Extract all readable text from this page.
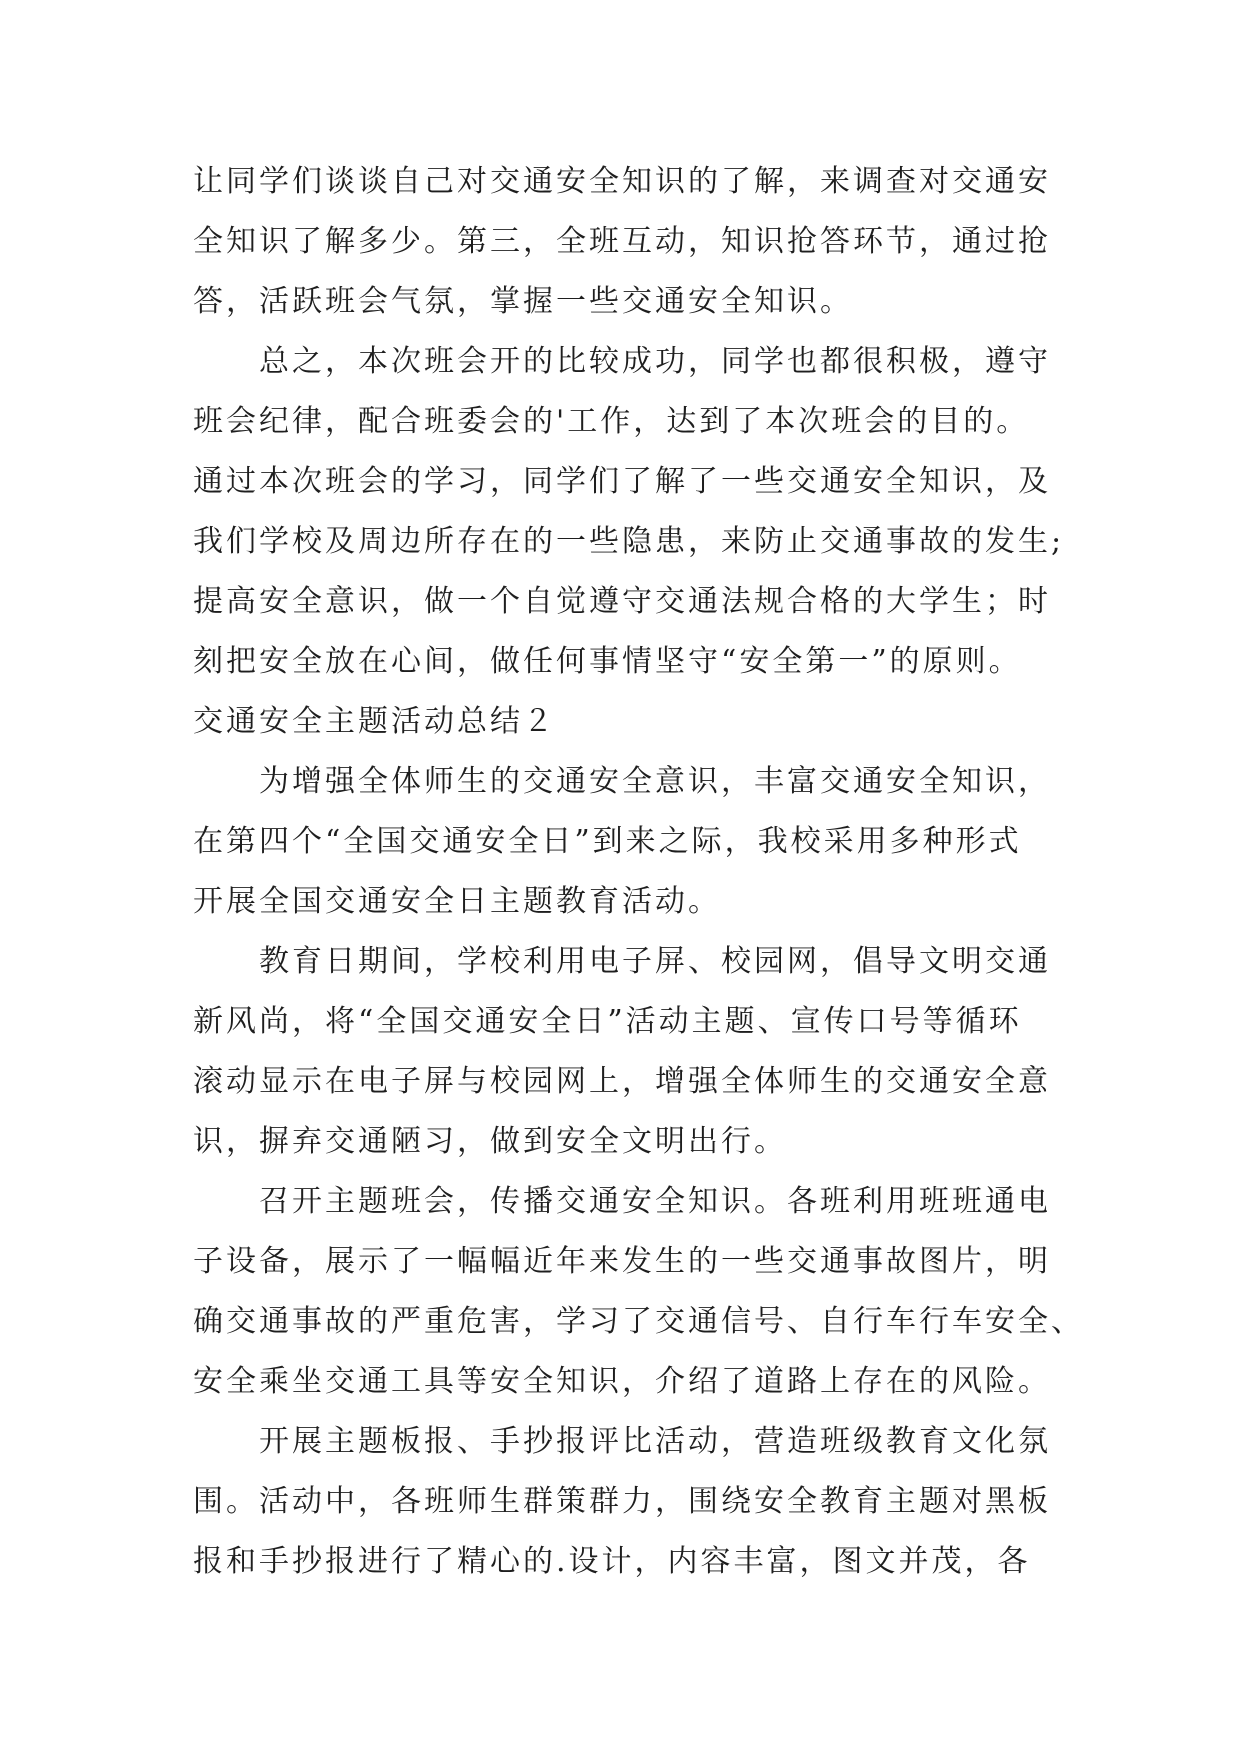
让同学们谈谈自己对交通安全知识的了解，来调查对交通安
全知识了解多少。第三，全班互动，知识抢答环节，通过抢
答，活跃班会气氛，掌握一些交通安全知识。
　　总之，本次班会开的比较成功，同学也都很积极，遵守
班会纪律，配合班委会的'工作，达到了本次班会的目的。
通过本次班会的学习，同学们了解了一些交通安全知识，及
我们学校及周边所存在的一些隐患，来防止交通事故的发生;
提高安全意识，做一个自觉遵守交通法规合格的大学生；时
刻把安全放在心间，做任何事情坚守“安全第一”的原则。
交通安全主题活动总结２
　　为增强全体师生的交通安全意识，丰富交通安全知识，
在第四个“全国交通安全日”到来之际，我校采用多种形式
开展全国交通安全日主题教育活动。
　　教育日期间，学校利用电子屏、校园网，倡导文明交通
新风尚，将“全国交通安全日”活动主题、宣传口号等循环
滚动显示在电子屏与校园网上，增强全体师生的交通安全意
识，摒弃交通陋习，做到安全文明出行。
　　召开主题班会，传播交通安全知识。各班利用班班通电
子设备，展示了一幅幅近年来发生的一些交通事故图片，明
确交通事故的严重危害，学习了交通信号、自行车行车安全、
安全乘坐交通工具等安全知识，介绍了道路上存在的风险。
　　开展主题板报、手抄报评比活动，营造班级教育文化氛
围。活动中，各班师生群策群力，围绕安全教育主题对黑板
报和手抄报进行了精心的.设计，内容丰富，图文并茂，各
